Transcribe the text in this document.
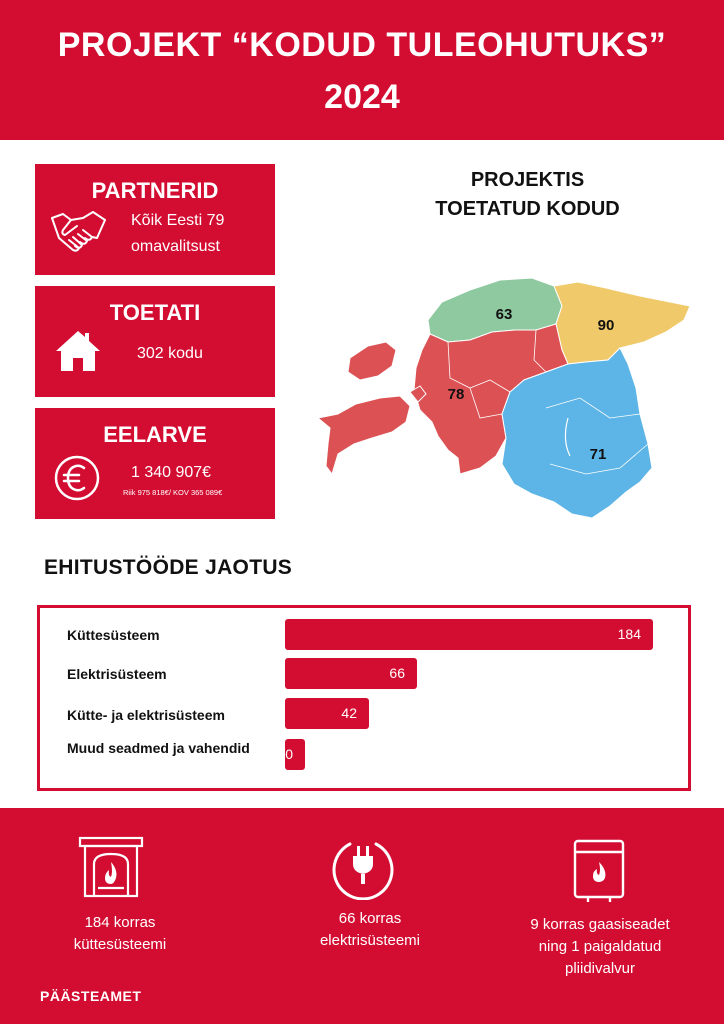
PROJEKT “KODUD TULEOHUTUKS”
2024
PARTNERID
Kõik Eesti 79
omavalitsust
TOETATI
302 kodu
EELARVE
1 340 907€
Riik 975 818€/ KOV 365 089€
PROJEKTIS
TOETATUD KODUD
63
90
78
71
EHITUSTÖÖDE JAOTUS
Küttesüsteem
Elektrisüsteem
Kütte- ja elektrisüsteem
Muud seadmed ja vahendid
184
66
42
10
184 korras
küttesüsteemi
66 korras
elektrisüsteemi
9 korras gaasiseadet
ning 1 paigaldatud
pliidivalvur
PÄÄSTEAMET
